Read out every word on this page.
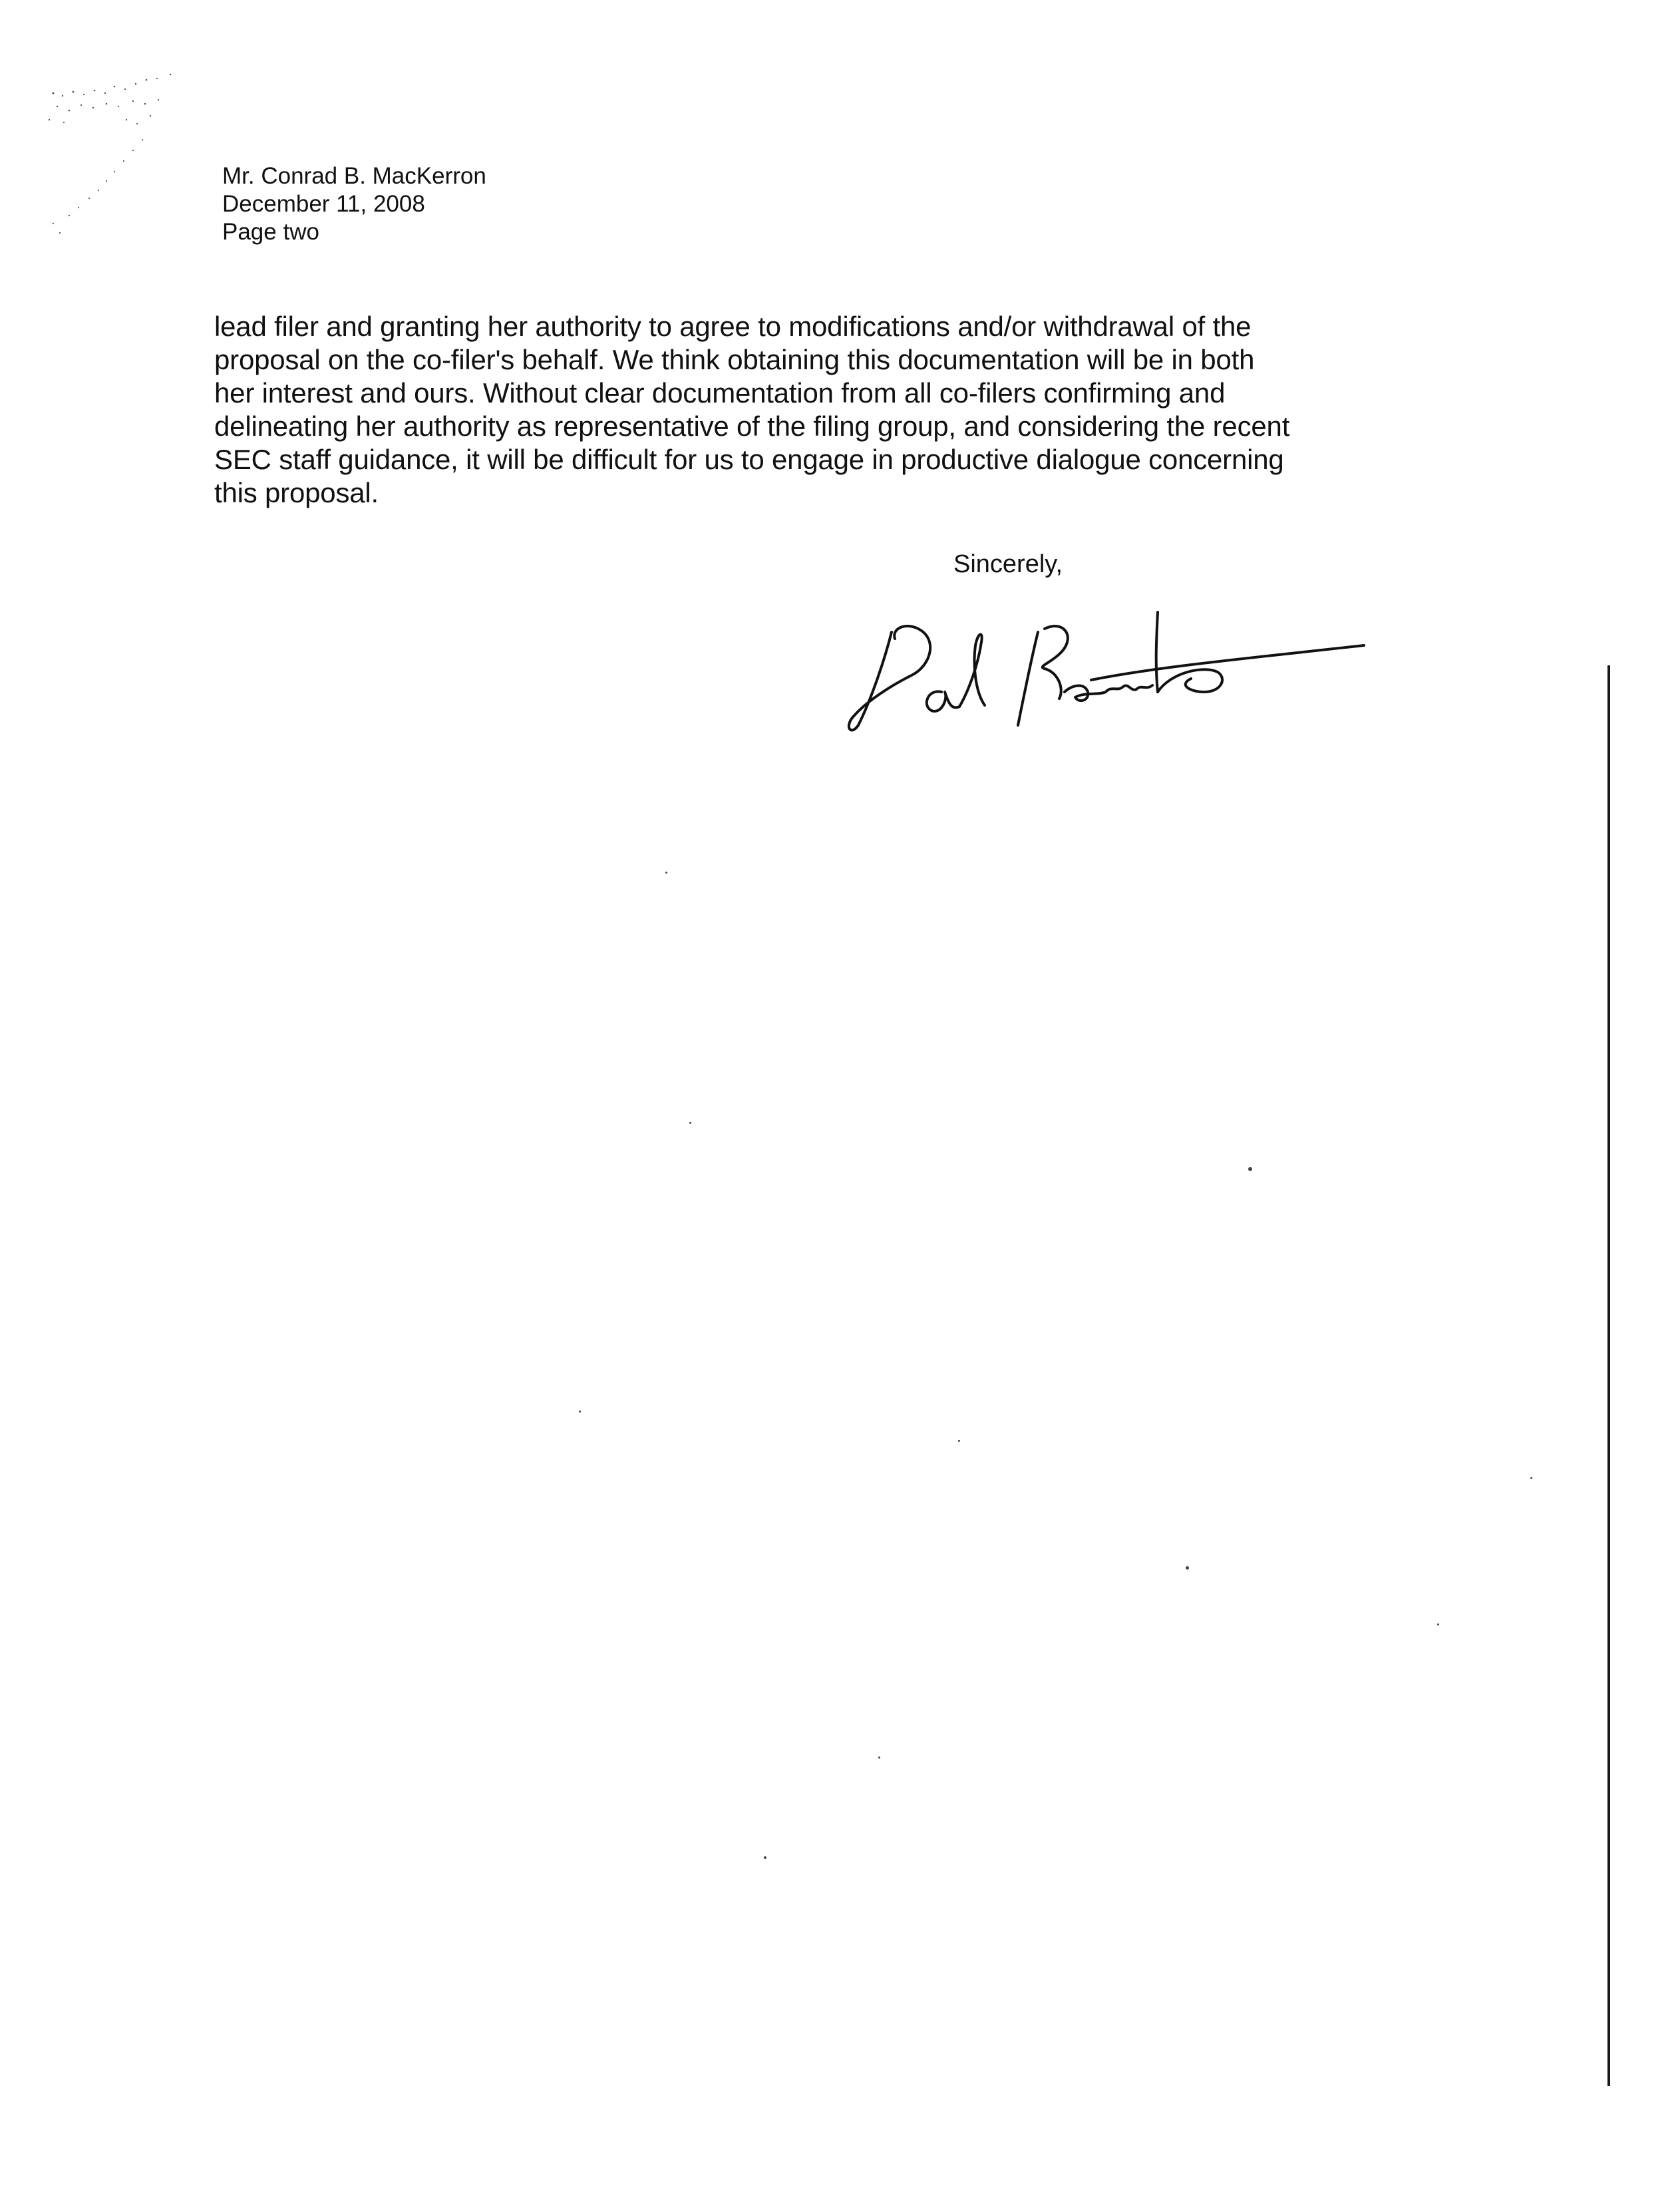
Mr. Conrad B. MacKerron
December 11, 2008
Page two
lead filer and granting her authority to agree to modifications and/or withdrawal of the
proposal on the co-filer's behalf. We think obtaining this documentation will be in both
her interest and ours. Without clear documentation from all co-filers confirming and
delineating her authority as representative of the filing group, and considering the recent
SEC staff guidance, it will be difficult for us to engage in productive dialogue concerning
this proposal.
Sincerely,
